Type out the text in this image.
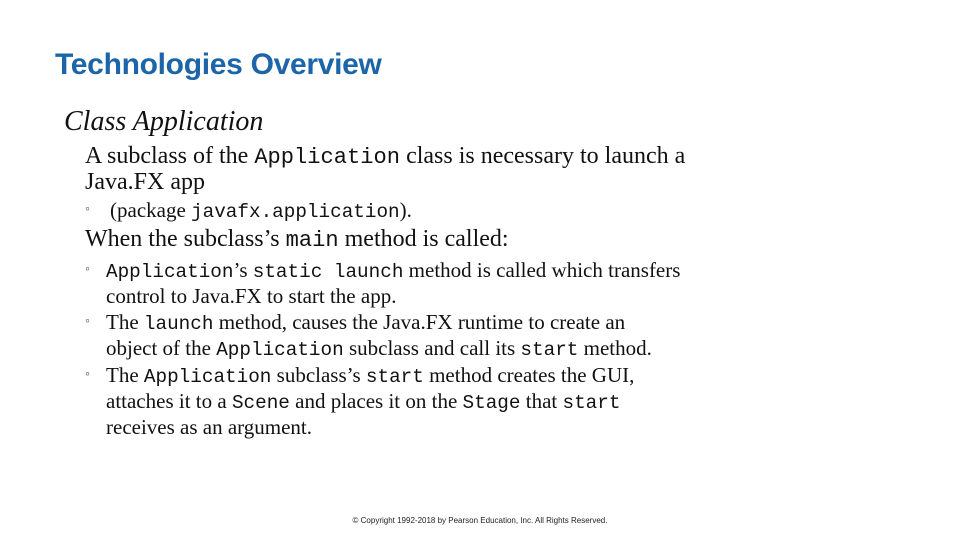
Technologies Overview
Class Application
A subclass of the Application class is necessary to launch a
Java.FX app
◦ (package javafx.application).
When the subclass’s main method is called:
◦ Application’s static launch method is called which transfers
control to Java.FX to start the app.
◦ The launch method, causes the Java.FX runtime to create an
object of the Application subclass and call its start method.
◦ The Application subclass’s start method creates the GUI,
attaches it to a Scene and places it on the Stage that start
receives as an argument.
© Copyright 1992-2018 by Pearson Education, Inc. All Rights Reserved.
